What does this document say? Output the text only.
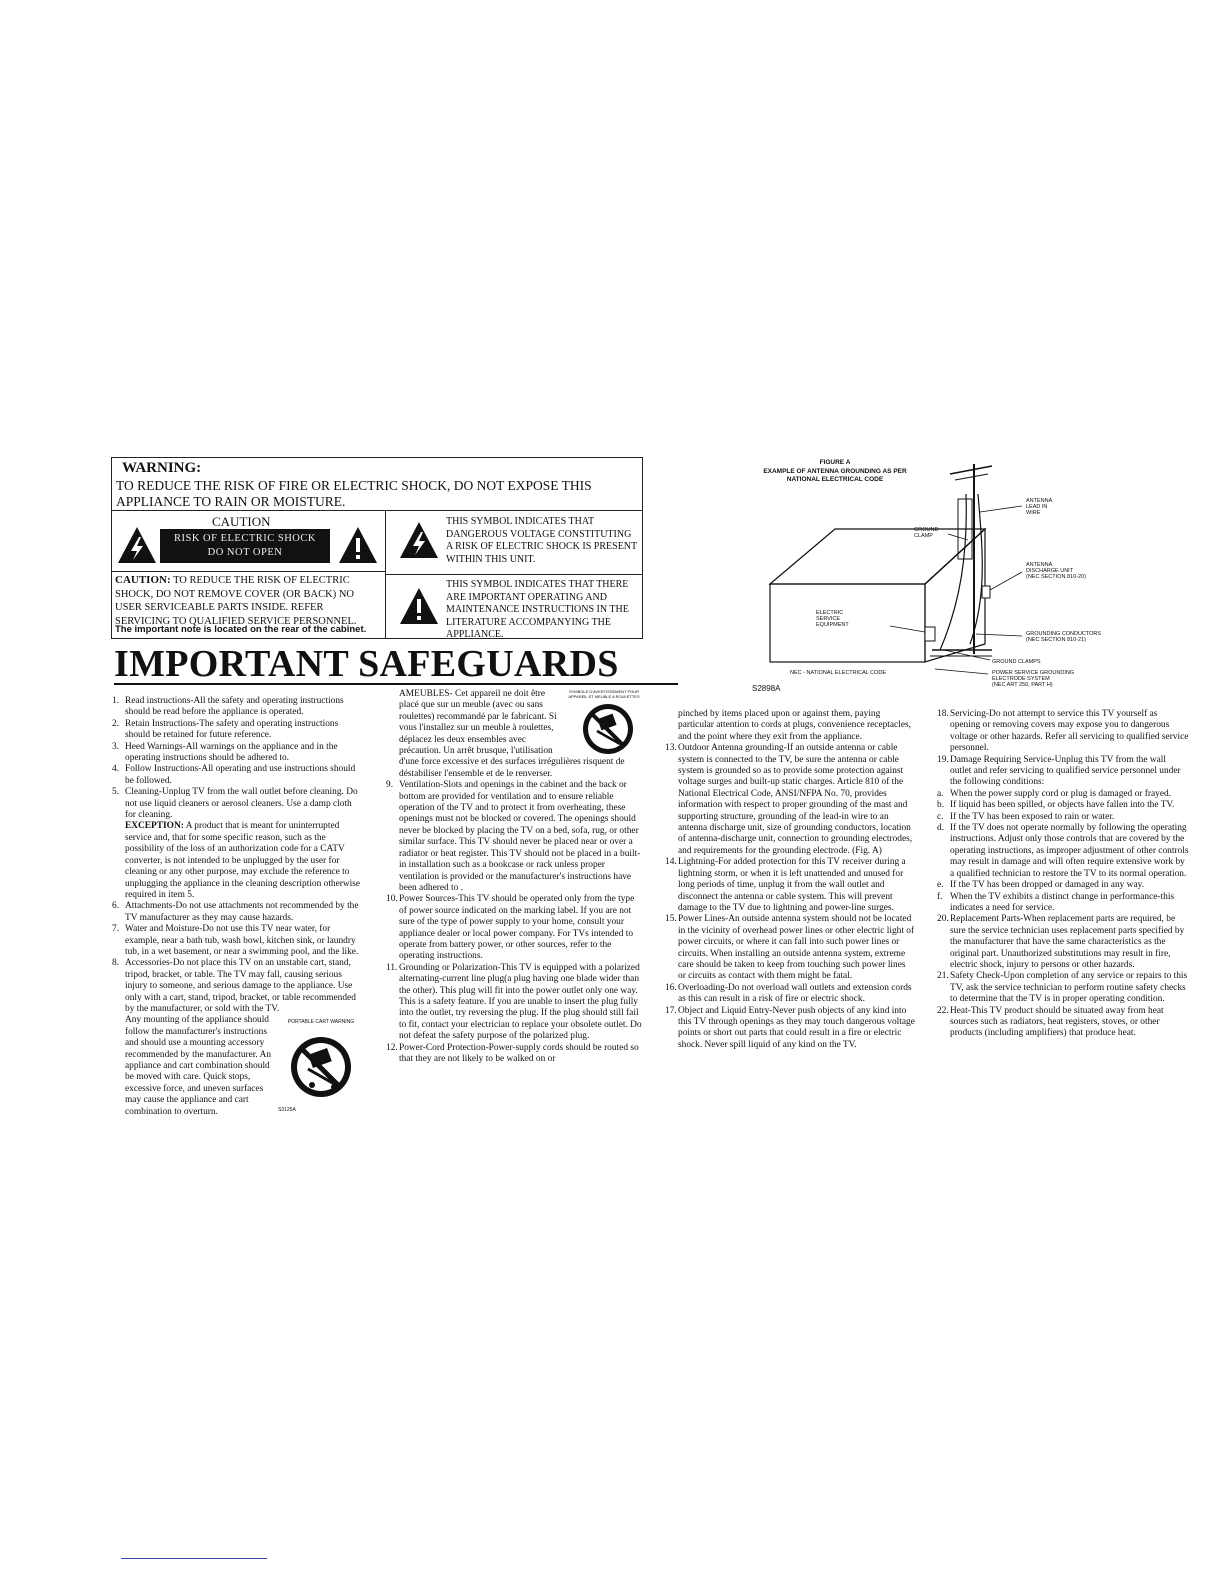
WARNING:
TO REDUCE THE RISK OF FIRE OR ELECTRIC SHOCK, DO NOT EXPOSE THIS APPLIANCE TO RAIN OR MOISTURE.
CAUTION
RISK OF ELECTRIC SHOCK
DO NOT OPEN
CAUTION: TO REDUCE THE RISK OF ELECTRIC SHOCK, DO NOT REMOVE COVER (OR BACK) NO USER SERVICEABLE PARTS INSIDE. REFER SERVICING TO QUALIFIED SERVICE PERSONNEL.
THIS SYMBOL INDICATES THAT DANGEROUS VOLTAGE CONSTITUTING A RISK OF ELECTRIC SHOCK IS PRESENT WITHIN THIS UNIT.
THIS SYMBOL INDICATES THAT THERE ARE IMPORTANT OPERATING AND MAINTENANCE INSTRUCTIONS IN THE LITERATURE ACCOMPANYING THE APPLIANCE.
The important note is located on the rear of the cabinet.
IMPORTANT SAFEGUARDS

1. Read instructions-All the safety and operating instructions should be read before the appliance is operated.

2. Retain Instructions-The safety and operating instructions should be retained for future reference.

3. Heed Warnings-All warnings on the appliance and in the operating instructions should be adhered to.

4. Follow Instructions-All operating and use instructions should be followed.

5. Cleaning-Unplug TV from the wall outlet before cleaning. Do not use liquid cleaners or aerosol cleaners. Use a damp cloth for cleaning.

EXCEPTION: A product that is meant for uninterrupted service and, that for some specific reason, such as the possibility of the loss of an authorization code for a CATV converter, is not intended to be unplugged by the user for cleaning or any other purpose, may exclude the reference to unplugging the appliance in the cleaning description otherwise required in item 5.

6. Attachments-Do not use attachments not recommended by the TV manufacturer as they may cause hazards.

7. Water and Moisture-Do not use this TV near water, for example, near a bath tub, wash bowl, kitchen sink, or laundry tub, in a wet basement, or near a swimming pool, and the like.

8. Accessories-Do not place this TV on an unstable cart, stand, tripod, bracket, or table. The TV may fall, causing serious injury to someone, and serious damage to the appliance. Use only with a cart, stand, tripod, bracket, or table recommended by the manufacturer, or sold with the TV.

PORTABLE CART WARNING
S3125A
Any mounting of the appliance should follow the manufacturer's instructions and should use a mounting accessory recommended by the manufacturer. An appliance and cart combination should be moved with care. Quick stops, excessive force, and uneven surfaces may cause the appliance and cart combination to overturn.
SYMBOLE D'AVERTISSEMENT POUR APPAREIL ET MEUBLE A ROULETTES
AMEUBLES- Cet appareil ne doit être placé que sur un meuble (avec ou sans roulettes) recommandé par le fabricant. Si vous l'installez sur un meuble à roulettes, déplacez les deux ensembles avec précaution. Un arrêt brusque, l'utilisation d'une force excessive et des surfaces irrégulières risquent de déstabiliser l'ensemble et de le renverser.

9. Ventilation-Slots and openings in the cabinet and the back or bottom are provided for ventilation and to ensure reliable operation of the TV and to protect it from overheating, these openings must not be blocked or covered. The openings should never be blocked by placing the TV on a bed, sofa, rug, or other similar surface. This TV should never be placed near or over a radiator or heat register. This TV should not be placed in a built-in installation such as a bookcase or rack unless proper ventilation is provided or the manufacturer's instructions have been adhered to .

10. Power Sources-This TV should be operated only from the type of power source indicated on the marking label. If you are not sure of the type of power supply to your home, consult your appliance dealer or local power company. For TVs intended to operate from battery power, or other sources, refer to the operating instructions.

11. Grounding or Polarization-This TV is equipped with a polarized alternating-current line plug(a plug having one blade wider than the other). This plug will fit into the power outlet only one way. This is a safety feature. If you are unable to insert the plug fully into the outlet, try reversing the plug. If the plug should still fail to fit, contact your electrician to replace your obsolete outlet. Do not defeat the safety purpose of the polarized plug.

12. Power-Cord Protection-Power-supply cords should be routed so that they are not likely to be walked on or

pinched by items placed upon or against them, paying particular attention to cords at plugs, convenience receptacles, and the point where they exit from the appliance.

13. Outdoor Antenna grounding-If an outside antenna or cable system is connected to the TV, be sure the antenna or cable system is grounded so as to provide some protection against voltage surges and built-up static charges. Article 810 of the National Electrical Code, ANSI/NFPA No. 70, provides information with respect to proper grounding of the mast and supporting structure, grounding of the lead-in wire to an antenna discharge unit, size of grounding conductors, location of antenna-discharge unit, connection to grounding electrodes, and requirements for the grounding electrode. (Fig. A)

14. Lightning-For added protection for this TV receiver during a lightning storm, or when it is left unattended and unused for long periods of time, unplug it from the wall outlet and disconnect the antenna or cable system. This will prevent damage to the TV due to lightning and power-line surges.

15. Power Lines-An outside antenna system should not be located in the vicinity of overhead power lines or other electric light of power circuits, or where it can fall into such power lines or circuits. When installing an outside antenna system, extreme care should be taken to keep from touching such power lines or circuits as contact with them might be fatal.

16. Overloading-Do not overload wall outlets and extension cords as this can result in a risk of fire or electric shock.

17. Object and Liquid Entry-Never push objects of any kind into this TV through openings as they may touch dangerous voltage points or short out parts that could result in a fire or electric shock. Never spill liquid of any kind on the TV.

18. Servicing-Do not attempt to service this TV yourself as opening or removing covers may expose you to dangerous voltage or other hazards. Refer all servicing to qualified service personnel.

19. Damage Requiring Service-Unplug this TV from the wall outlet and refer servicing to qualified service personnel under the following conditions:

a. When the power supply cord or plug is damaged or frayed.

b. If liquid has been spilled, or objects have fallen into the TV.

c. If the TV has been exposed to rain or water.

d. If the TV does not operate normally by following the operating instructions. Adjust only those controls that are covered by the operating instructions, as improper adjustment of other controls may result in damage and will often require extensive work by a qualified technician to restore the TV to its normal operation.

e. If the TV has been dropped or damaged in any way.

f. When the TV exhibits a distinct change in performance-this indicates a need for service.

20. Replacement Parts-When replacement parts are required, be sure the service technician uses replacement parts specified by the manufacturer that have the same characteristics as the original part. Unauthorized substitutions may result in fire, electric shock, injury to persons or other hazards.

21. Safety Check-Upon completion of any service or repairs to this TV, ask the service technician to perform routine safety checks to determine that the TV is in proper operating condition.

22. Heat-This TV product should be situated away from heat sources such as radiators, heat registers, stoves, or other products (including amplifiers) that produce heat.

FIGURE A
EXAMPLE OF ANTENNA GROUNDING AS PER
NATIONAL ELECTRICAL CODE
ANTENNA
LEAD IN
WIRE
GROUND
CLAMP
ANTENNA
DISCHARGE UNIT
(NEC SECTION 810-20)
ELECTRIC
SERVICE
EQUIPMENT
GROUNDING CONDUCTORS
(NEC SECTION 810-21)
GROUND CLAMPS
POWER SERVICE GROUNDING
ELECTRODE SYSTEM
(NEC ART 250, PART H)
NEC - NATIONAL ELECTRICAL CODE
S2898A
